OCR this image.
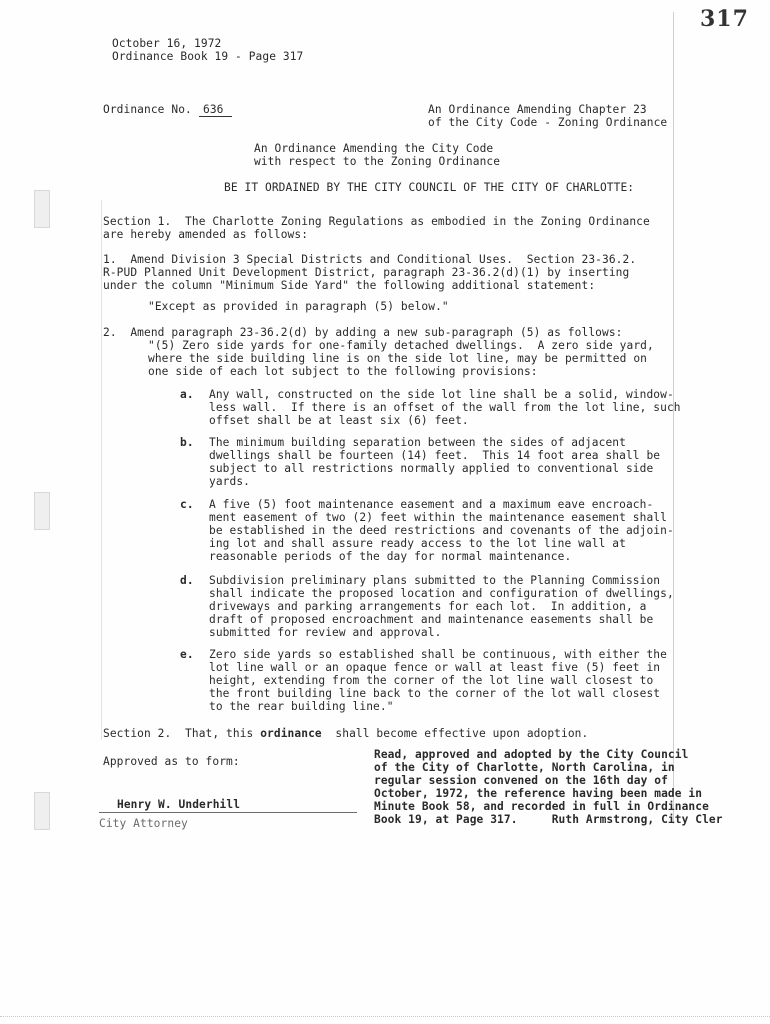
317
October 16, 1972
Ordinance Book 19 - Page 317
Ordinance No. 636	An Ordinance Amending Chapter 23
of the City Code - Zoning Ordinance
An Ordinance Amending the City Code
with respect to the Zoning Ordinance
BE IT ORDAINED BY THE CITY COUNCIL OF THE CITY OF CHARLOTTE:
Section 1.  The Charlotte Zoning Regulations as embodied in the Zoning Ordinance
are hereby amended as follows:
1.  Amend Division 3 Special Districts and Conditional Uses.  Section 23-36.2.
R-PUD Planned Unit Development District, paragraph 23-36.2(d)(1) by inserting
under the column "Minimum Side Yard" the following additional statement:
"Except as provided in paragraph (5) below."
2.  Amend paragraph 23-36.2(d) by adding a new sub-paragraph (5) as follows:
"(5) Zero side yards for one-family detached dwellings.  A zero side yard,
where the side building line is on the side lot line, may be permitted on
one side of each lot subject to the following provisions:
a. Any wall, constructed on the side lot line shall be a solid, window-
less wall.  If there is an offset of the wall from the lot line, such
offset shall be at least six (6) feet.
b. The minimum building separation between the sides of adjacent
dwellings shall be fourteen (14) feet.  This 14 foot area shall be
subject to all restrictions normally applied to conventional side
yards.
c. A five (5) foot maintenance easement and a maximum eave encroach-
ment easement of two (2) feet within the maintenance easement shall
be established in the deed restrictions and covenants of the adjoin-
ing lot and shall assure ready access to the lot line wall at
reasonable periods of the day for normal maintenance.
d. Subdivision preliminary plans submitted to the Planning Commission
shall indicate the proposed location and configuration of dwellings,
driveways and parking arrangements for each lot.  In addition, a
draft of proposed encroachment and maintenance easements shall be
submitted for review and approval.
e. Zero side yards so established shall be continuous, with either the
lot line wall or an opaque fence or wall at least five (5) feet in
height, extending from the corner of the lot line wall closest to
the front building line back to the corner of the lot wall closest
to the rear building line."
Section 2.  That, this ordinance  shall become effective upon adoption.
Approved as to form:
Henry W. Underhill
City Attorney
Read, approved and adopted by the City Council
of the City of Charlotte, North Carolina, in
regular session convened on the 16th day of
October, 1972, the reference having been made in
Minute Book 58, and recorded in full in Ordinance
Book 19, at Page 317.     Ruth Armstrong, City Cler
